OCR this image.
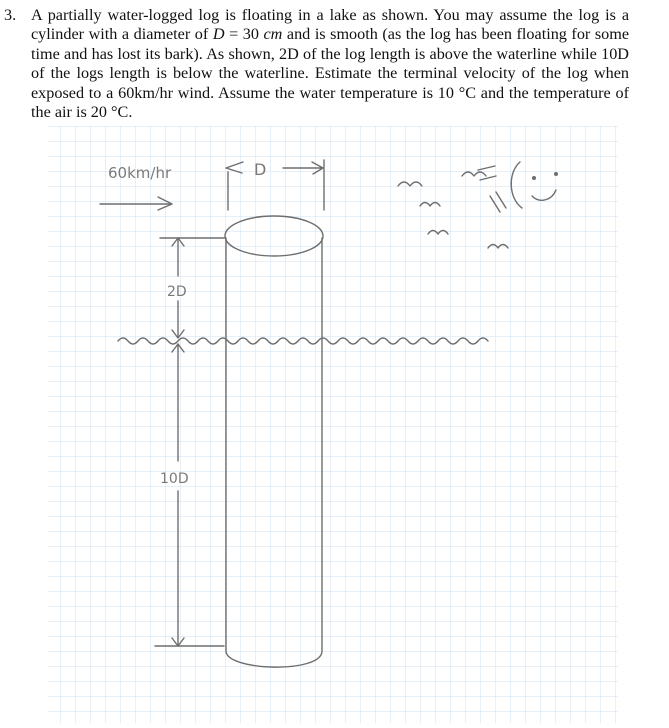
3. A partially water-logged log is floating in a lake as shown. You may assume the log is a cylinder with a diameter of D = 30 cm and is smooth (as the log has been floating for some time and has lost its bark). As shown, 2D of the log length is above the waterline while 10D of the logs length is below the waterline. Estimate the terminal velocity of the log when exposed to a 60km/hr wind. Assume the water temperature is 10 °C and the temperature of the air is 20 °C.
60km/hr	D
2D
10D
